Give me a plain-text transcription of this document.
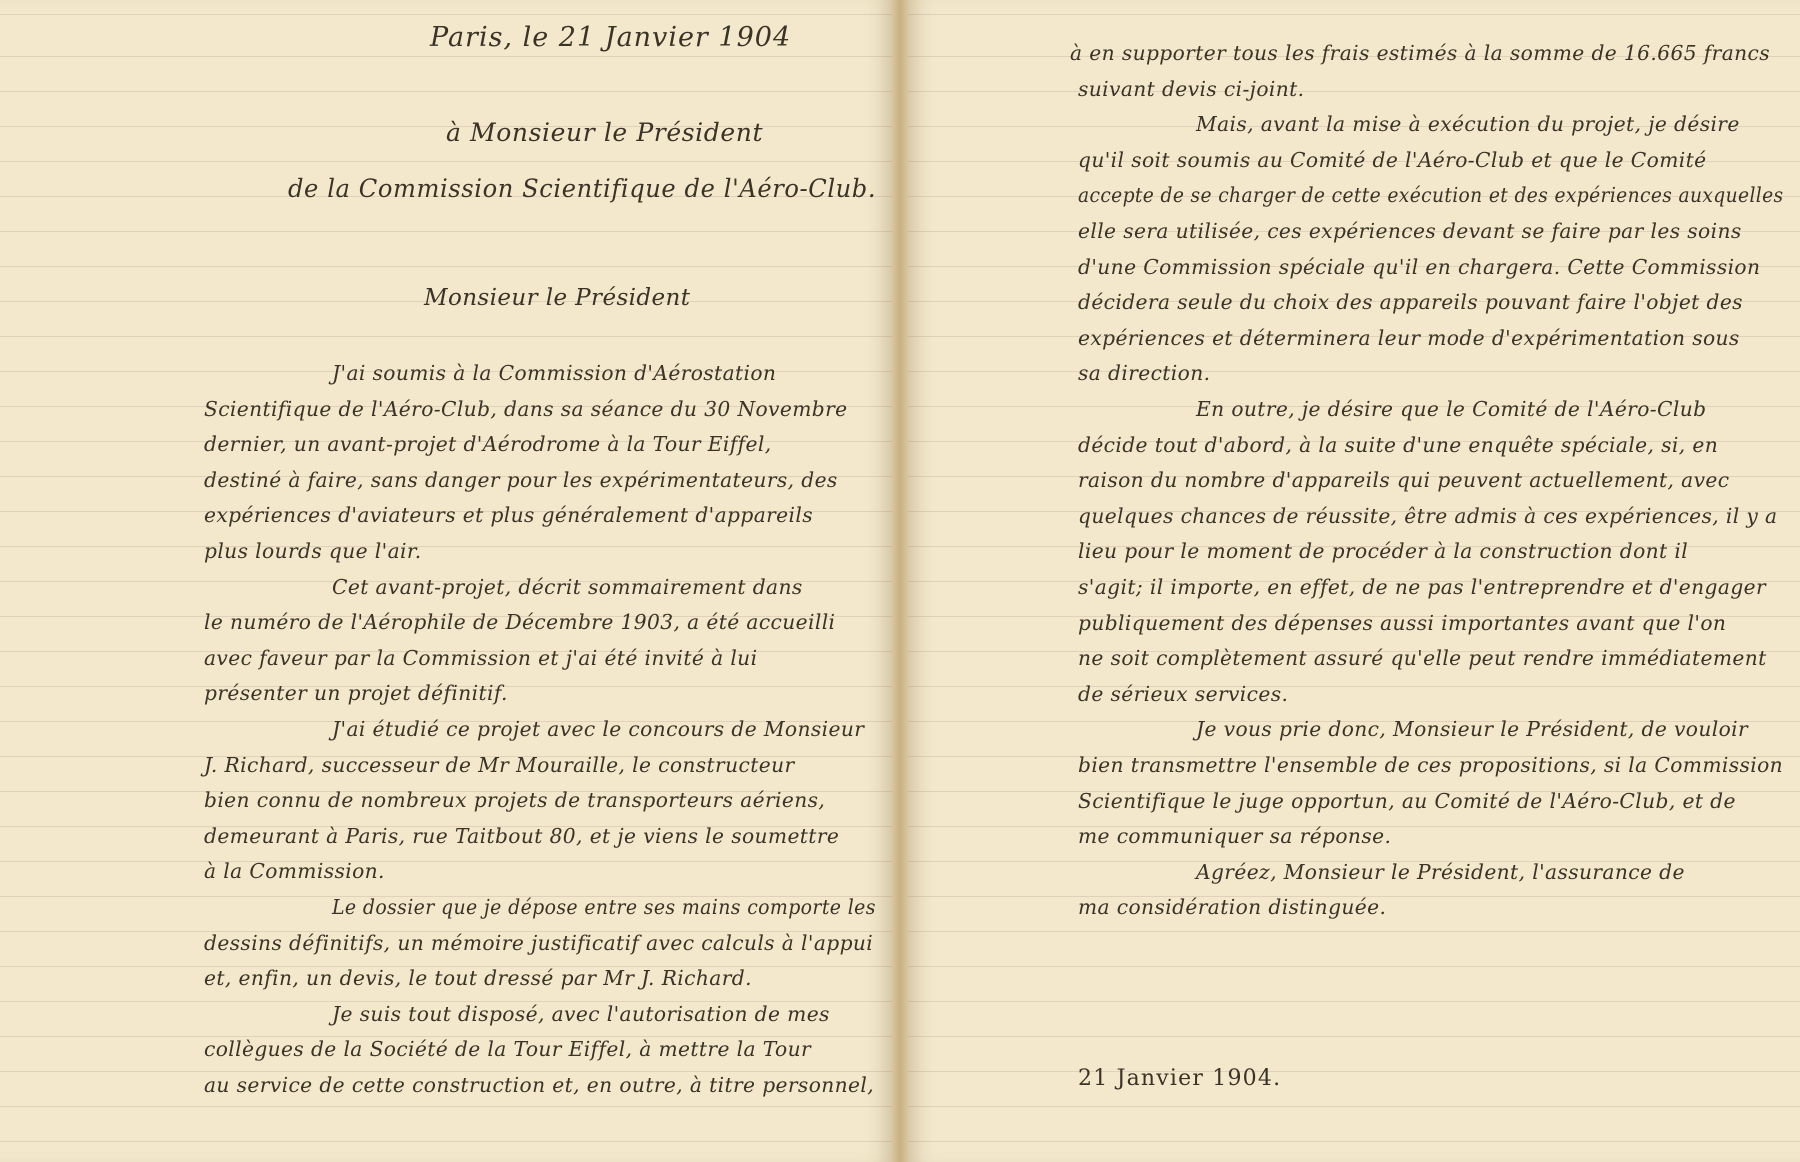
Paris, le 21 Janvier 1904
à Monsieur le Président
de la Commission Scientifique de l'Aéro-Club.
Monsieur le Président
J'ai soumis à la Commission d'Aérostation
Scientifique de l'Aéro-Club, dans sa séance du 30 Novembre
dernier, un avant-projet d'Aérodrome à la Tour Eiffel,
destiné à faire, sans danger pour les expérimentateurs, des
expériences d'aviateurs et plus généralement d'appareils
plus lourds que l'air.
Cet avant-projet, décrit sommairement dans
le numéro de l'Aérophile de Décembre 1903, a été accueilli
avec faveur par la Commission et j'ai été invité à lui
présenter un projet définitif.
J'ai étudié ce projet avec le concours de Monsieur
J. Richard, successeur de Mr Mouraille, le constructeur
bien connu de nombreux projets de transporteurs aériens,
demeurant à Paris, rue Taitbout 80, et je viens le soumettre
à la Commission.
Le dossier que je dépose entre ses mains comporte les
dessins définitifs, un mémoire justificatif avec calculs à l'appui
et, enfin, un devis, le tout dressé par Mr J. Richard.
Je suis tout disposé, avec l'autorisation de mes
collègues de la Société de la Tour Eiffel, à mettre la Tour
au service de cette construction et, en outre, à titre personnel,
à en supporter tous les frais estimés à la somme de 16.665 francs
suivant devis ci-joint.
Mais, avant la mise à exécution du projet, je désire
qu'il soit soumis au Comité de l'Aéro-Club et que le Comité
accepte de se charger de cette exécution et des expériences auxquelles
elle sera utilisée, ces expériences devant se faire par les soins
d'une Commission spéciale qu'il en chargera. Cette Commission
décidera seule du choix des appareils pouvant faire l'objet des
expériences et déterminera leur mode d'expérimentation sous
sa direction.
En outre, je désire que le Comité de l'Aéro-Club
décide tout d'abord, à la suite d'une enquête spéciale, si, en
raison du nombre d'appareils qui peuvent actuellement, avec
quelques chances de réussite, être admis à ces expériences, il y a
lieu pour le moment de procéder à la construction dont il
s'agit; il importe, en effet, de ne pas l'entreprendre et d'engager
publiquement des dépenses aussi importantes avant que l'on
ne soit complètement assuré qu'elle peut rendre immédiatement
de sérieux services.
Je vous prie donc, Monsieur le Président, de vouloir
bien transmettre l'ensemble de ces propositions, si la Commission
Scientifique le juge opportun, au Comité de l'Aéro-Club, et de
me communiquer sa réponse.
Agréez, Monsieur le Président, l'assurance de
ma considération distinguée.
21 Janvier 1904.
